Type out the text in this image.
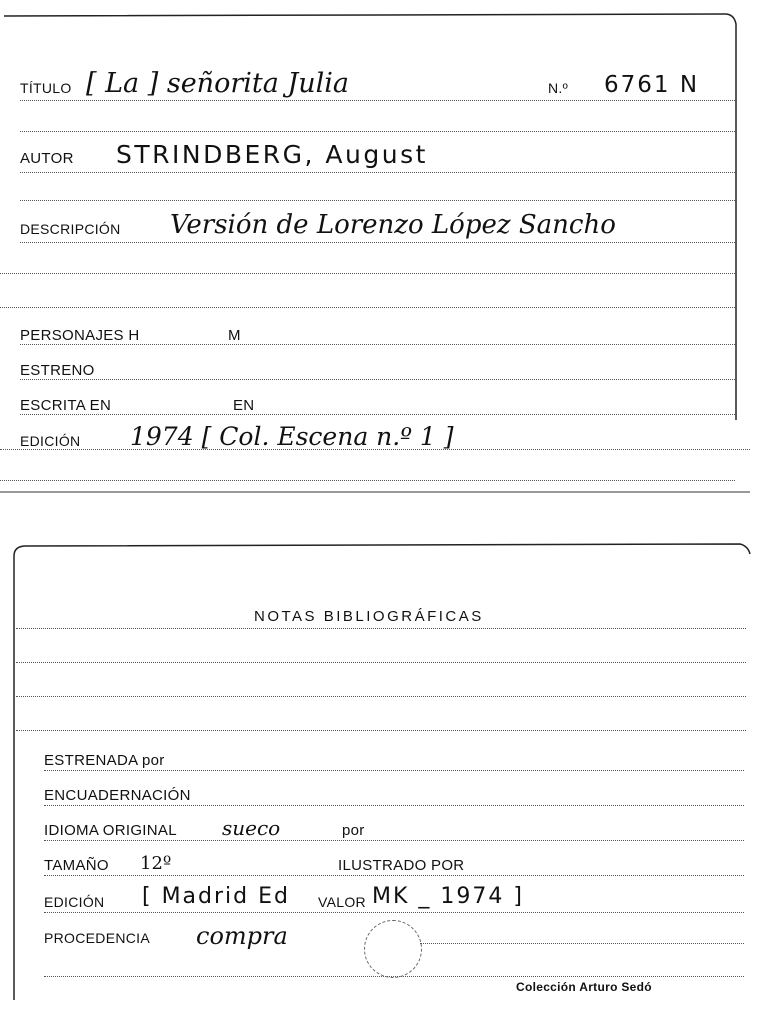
TÍTULO [ La ] señorita Julia	N.º 6761 N
AUTOR STRINDBERG, August
DESCRIPCIÓN Versión de Lorenzo López Sancho
PERSONAJES H	M
ESTRENO
ESCRITA EN	EN
EDICIÓN 1974 [ Col. Escena n.º 1 ]
NOTAS BIBLIOGRÁFICAS
ESTRENADA por
ENCUADERNACIÓN
IDIOMA ORIGINAL sueco	por
TAMAÑO 12º	ILUSTRADO POR
EDICIÓN [ Madrid Ed VALOR MK _ 1974 ]
PROCEDENCIA compra
Colección Arturo Sedó
